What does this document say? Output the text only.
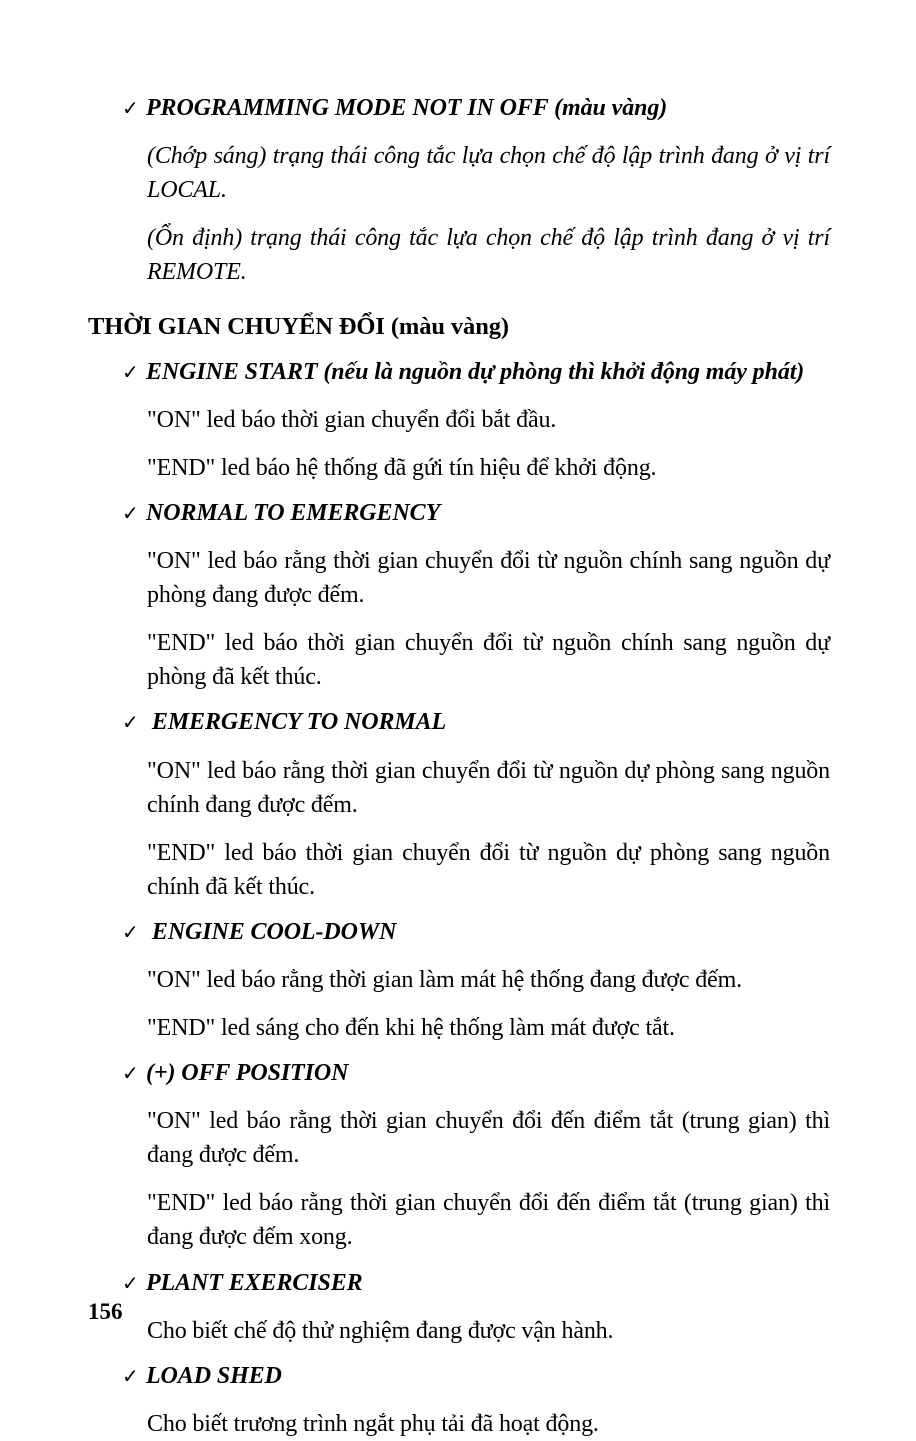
✓ PROGRAMMING MODE NOT IN OFF (màu vàng)
(Chớp sáng) trạng thái công tắc lựa chọn chế độ lập trình đang ở vị trí LOCAL.
(Ổn định) trạng thái công tắc lựa chọn chế độ lập trình đang ở vị trí REMOTE.
THỜI GIAN CHUYỂN ĐỔI (màu vàng)
✓ ENGINE START (nếu là nguồn dự phòng thì khởi động máy phát)
"ON" led báo thời gian chuyển đổi bắt đầu.
"END" led báo hệ thống đã gứi tín hiệu để khởi động.
✓ NORMAL TO EMERGENCY
"ON" led báo rằng thời gian chuyển đổi từ nguồn chính sang nguồn dự phòng đang được đếm.
"END" led báo thời gian chuyển đổi từ nguồn chính sang nguồn dự phòng đã kết thúc.
✓ EMERGENCY TO NORMAL
"ON" led báo rằng thời gian chuyển đổi từ nguồn dự phòng sang nguồn chính đang được đếm.
"END" led báo thời gian chuyển đổi từ nguồn dự phòng sang nguồn chính đã kết thúc.
✓ ENGINE COOL-DOWN
"ON" led báo rằng thời gian làm mát hệ thống đang được đếm.
"END" led sáng cho đến khi hệ thống làm mát được tắt.
✓ (+) OFF POSITION
"ON" led báo rằng thời gian chuyển đổi đến điểm tắt (trung gian) thì đang được đếm.
"END" led báo rằng thời gian chuyển đổi đến điểm tắt (trung gian) thì đang được đếm xong.
✓ PLANT EXERCISER
Cho biết chế độ thử nghiệm đang được vận hành.
✓ LOAD SHED
Cho biết trương trình ngắt phụ tải đã hoạt động.
156
